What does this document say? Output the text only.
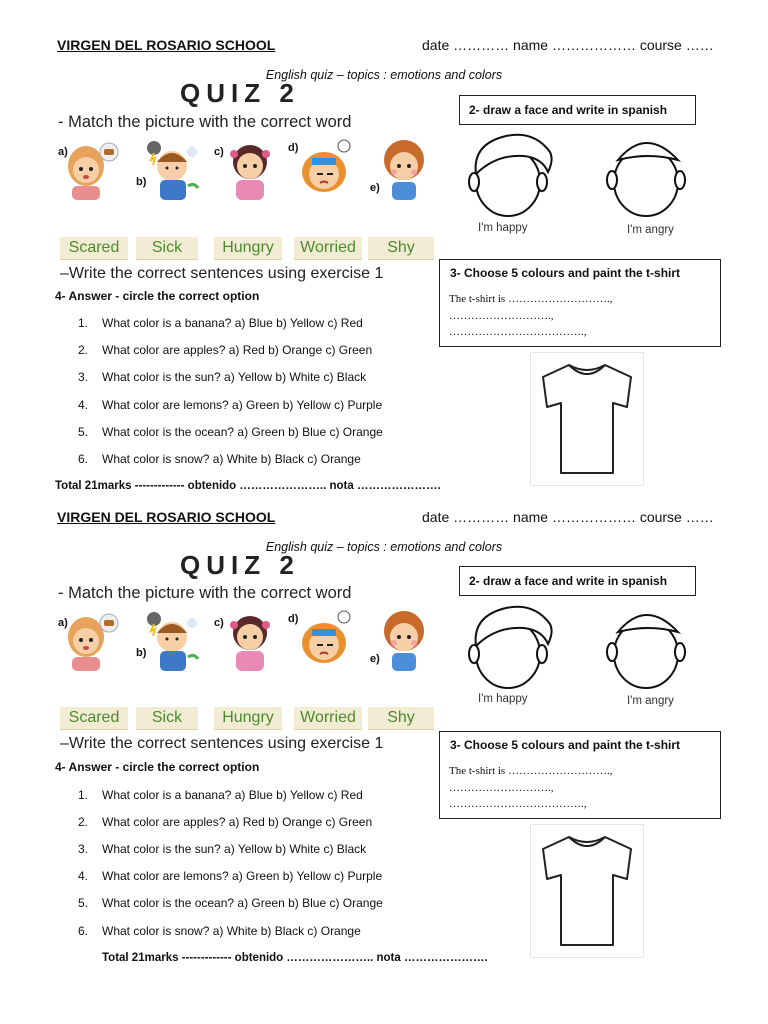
VIRGEN DEL ROSARIO SCHOOL	date ………… name ……………… course ……
English quiz – topics : emotions and colors
QUIZ 2
- Match the picture with the correct word
a)
b)
c)	d)
e)
Scared	Sick	Hungry	Worried	Shy
–Write the correct sentences using exercise 1
4- Answer - circle the correct option
1. What color is a banana? a) Blue b) Yellow c) Red
2. What color are apples? a) Red b) Orange c) Green
3. What color is the sun? a) Yellow b) White c) Black
4. What color are lemons? a) Green b) Yellow c) Purple
5. What color is the ocean? a) Green b) Blue c) Orange
6. What color is snow? a) White b) Black c) Orange
Total 21marks ------------- obtenido ………………….. nota ………………….
2- draw a face and write in spanish
I'm happy	I'm angry
3- Choose 5 colours and paint the t-shirt
The t-shirt is ……………………….,
……………………….,
……………………………….,
VIRGEN DEL ROSARIO SCHOOL	date ………… name ……………… course ……
English quiz – topics : emotions and colors
QUIZ 2
- Match the picture with the correct word
a)
b)
c)	d)
e)
Scared	Sick	Hungry	Worried	Shy
–Write the correct sentences using exercise 1
4- Answer - circle the correct option
1. What color is a banana? a) Blue b) Yellow c) Red
2. What color are apples? a) Red b) Orange c) Green
3. What color is the sun? a) Yellow b) White c) Black
4. What color are lemons? a) Green b) Yellow c) Purple
5. What color is the ocean? a) Green b) Blue c) Orange
6. What color is snow? a) White b) Black c) Orange
Total 21marks ------------- obtenido ………………….. nota ………………….
2- draw a face and write in spanish
I'm happy	I'm angry
3- Choose 5 colours and paint the t-shirt
The t-shirt is ……………………….,
……………………….,
……………………………….,
